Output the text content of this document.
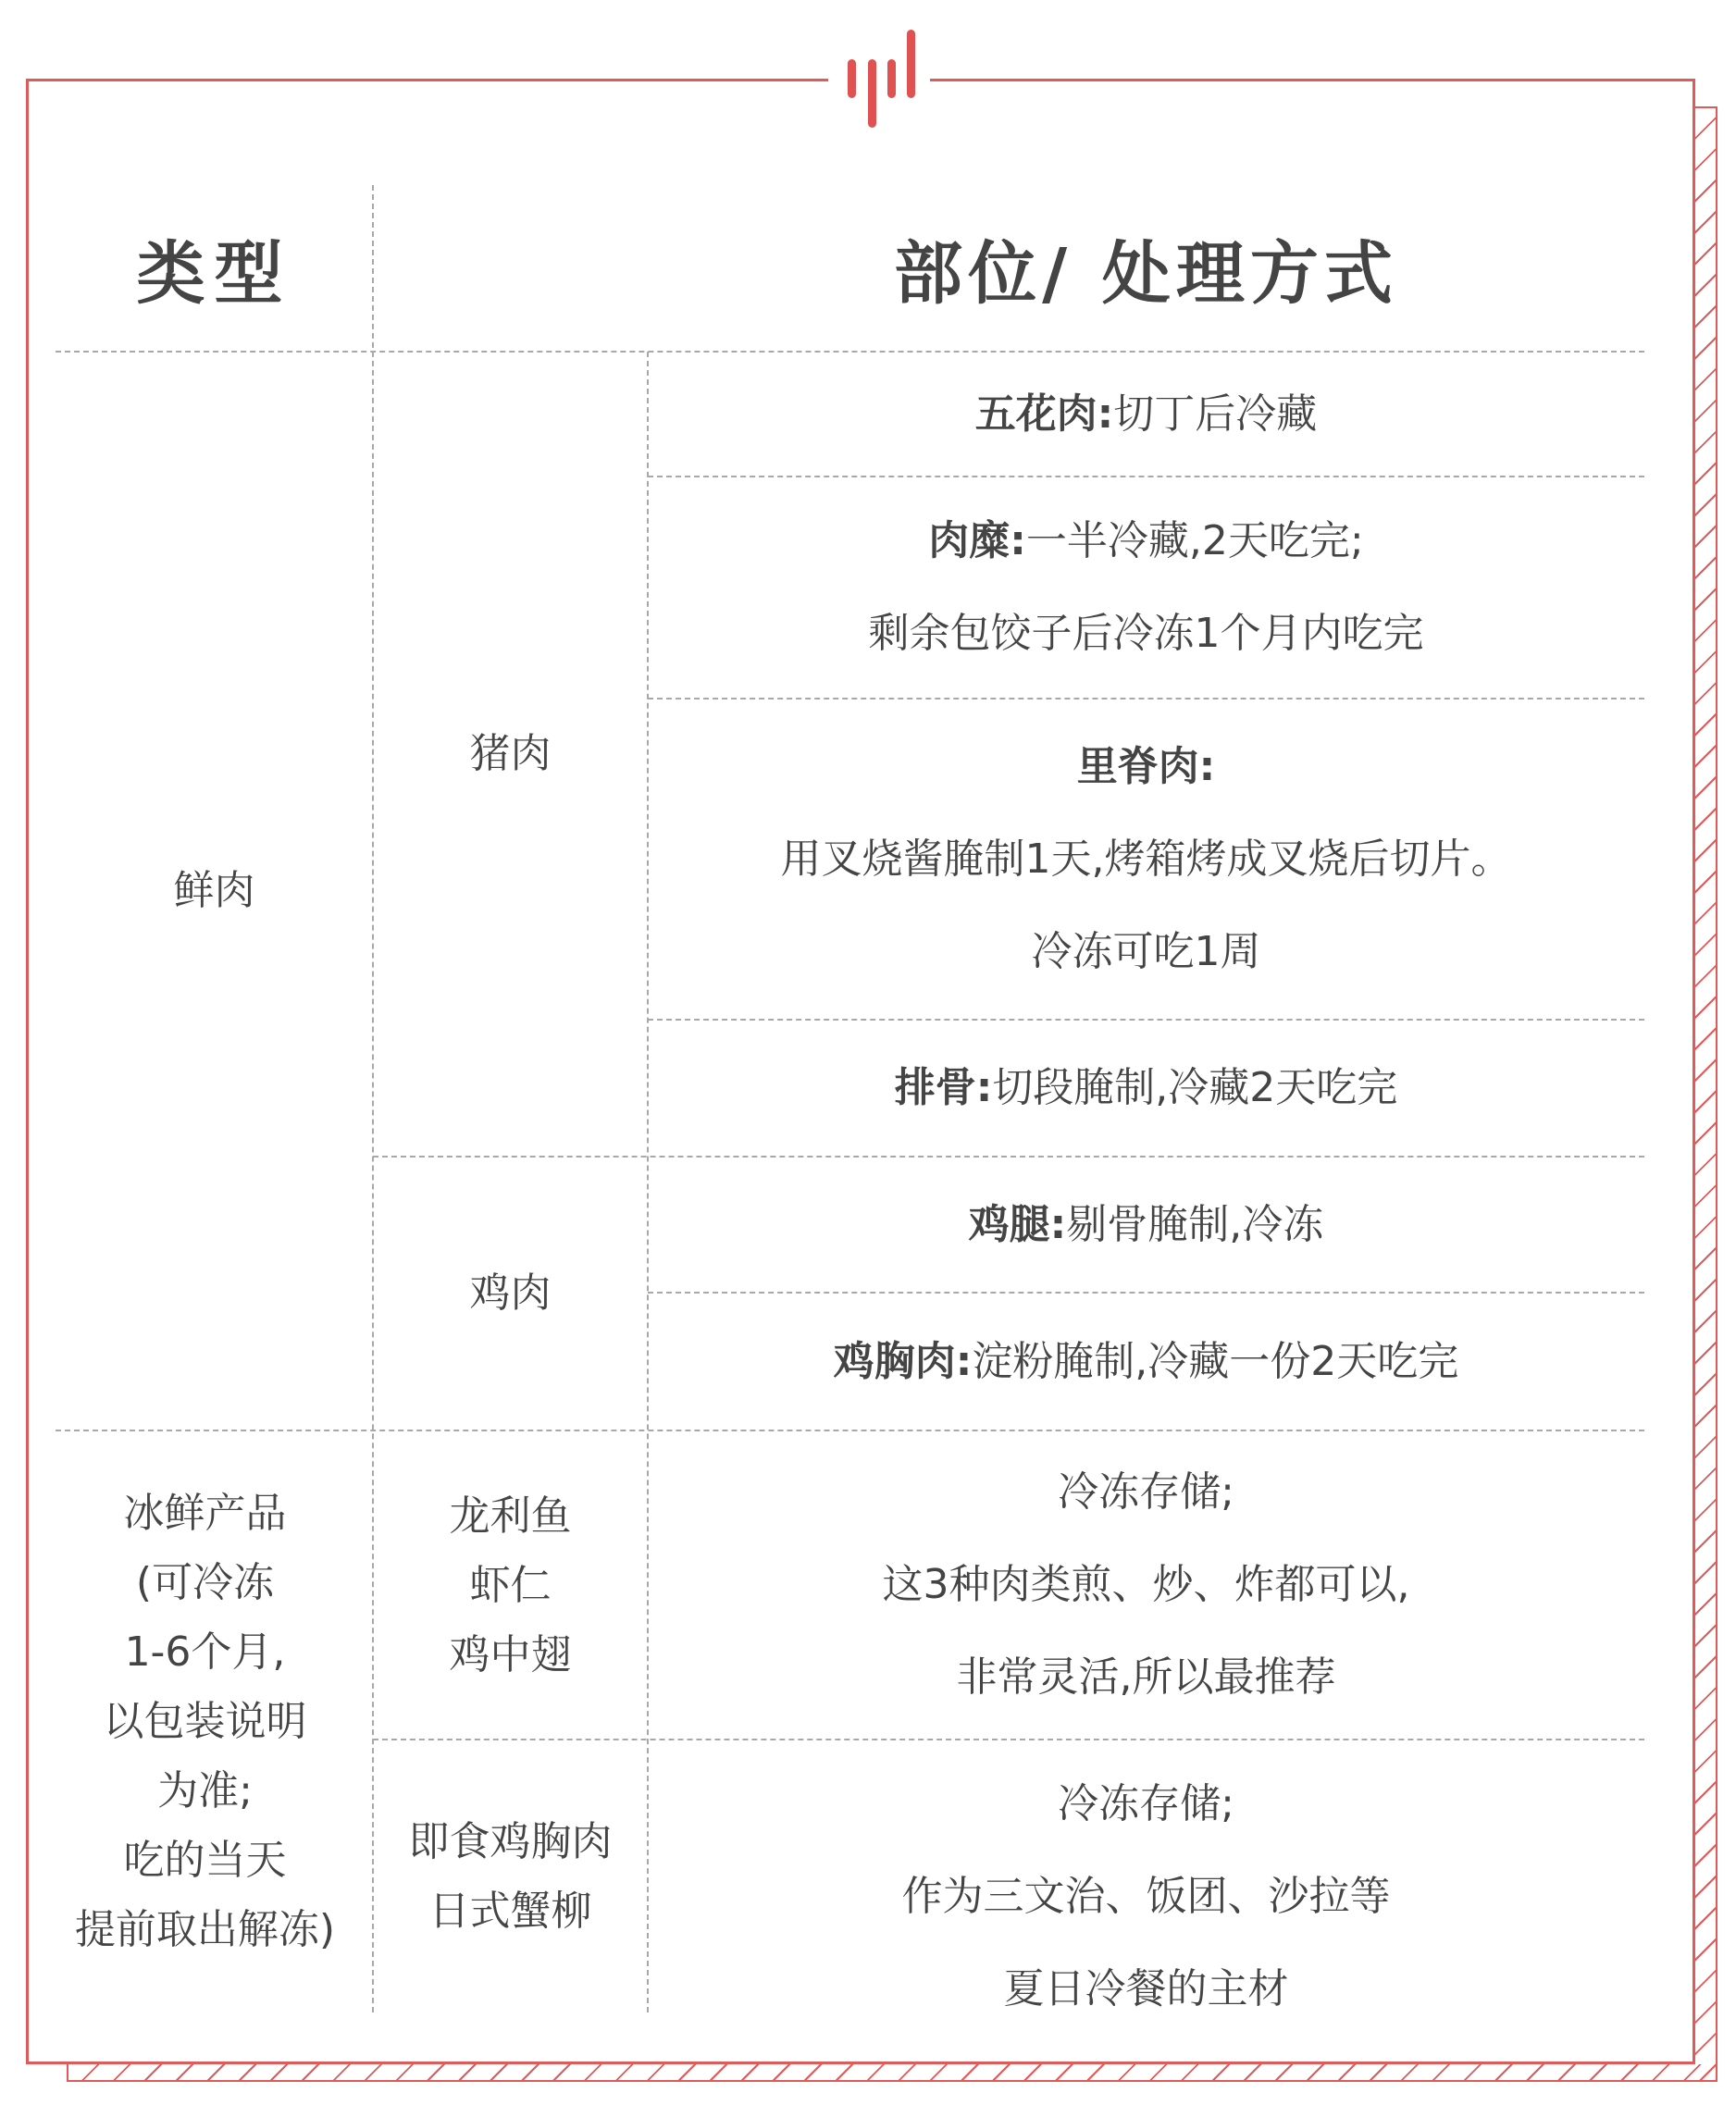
类型	部位/ 处理方式
鲜肉
猪肉
鸡肉
五花肉:切丁后冷藏
肉糜:一半冷藏,2天吃完;
剩余包饺子后冷冻1个月内吃完
里脊肉:
用叉烧酱腌制1天,烤箱烤成叉烧后切片。
冷冻可吃1周
排骨:切段腌制,冷藏2天吃完
鸡腿:剔骨腌制,冷冻
鸡胸肉:淀粉腌制,冷藏一份2天吃完
冰鲜产品
(可冷冻
1-6个月,
以包装说明
为准;
吃的当天
提前取出解冻)
龙利鱼
虾仁
鸡中翅
即食鸡胸肉
日式蟹柳
冷冻存储;
这3种肉类煎、炒、炸都可以,
非常灵活,所以最推荐
冷冻存储;
作为三文治、饭团、沙拉等
夏日冷餐的主材
